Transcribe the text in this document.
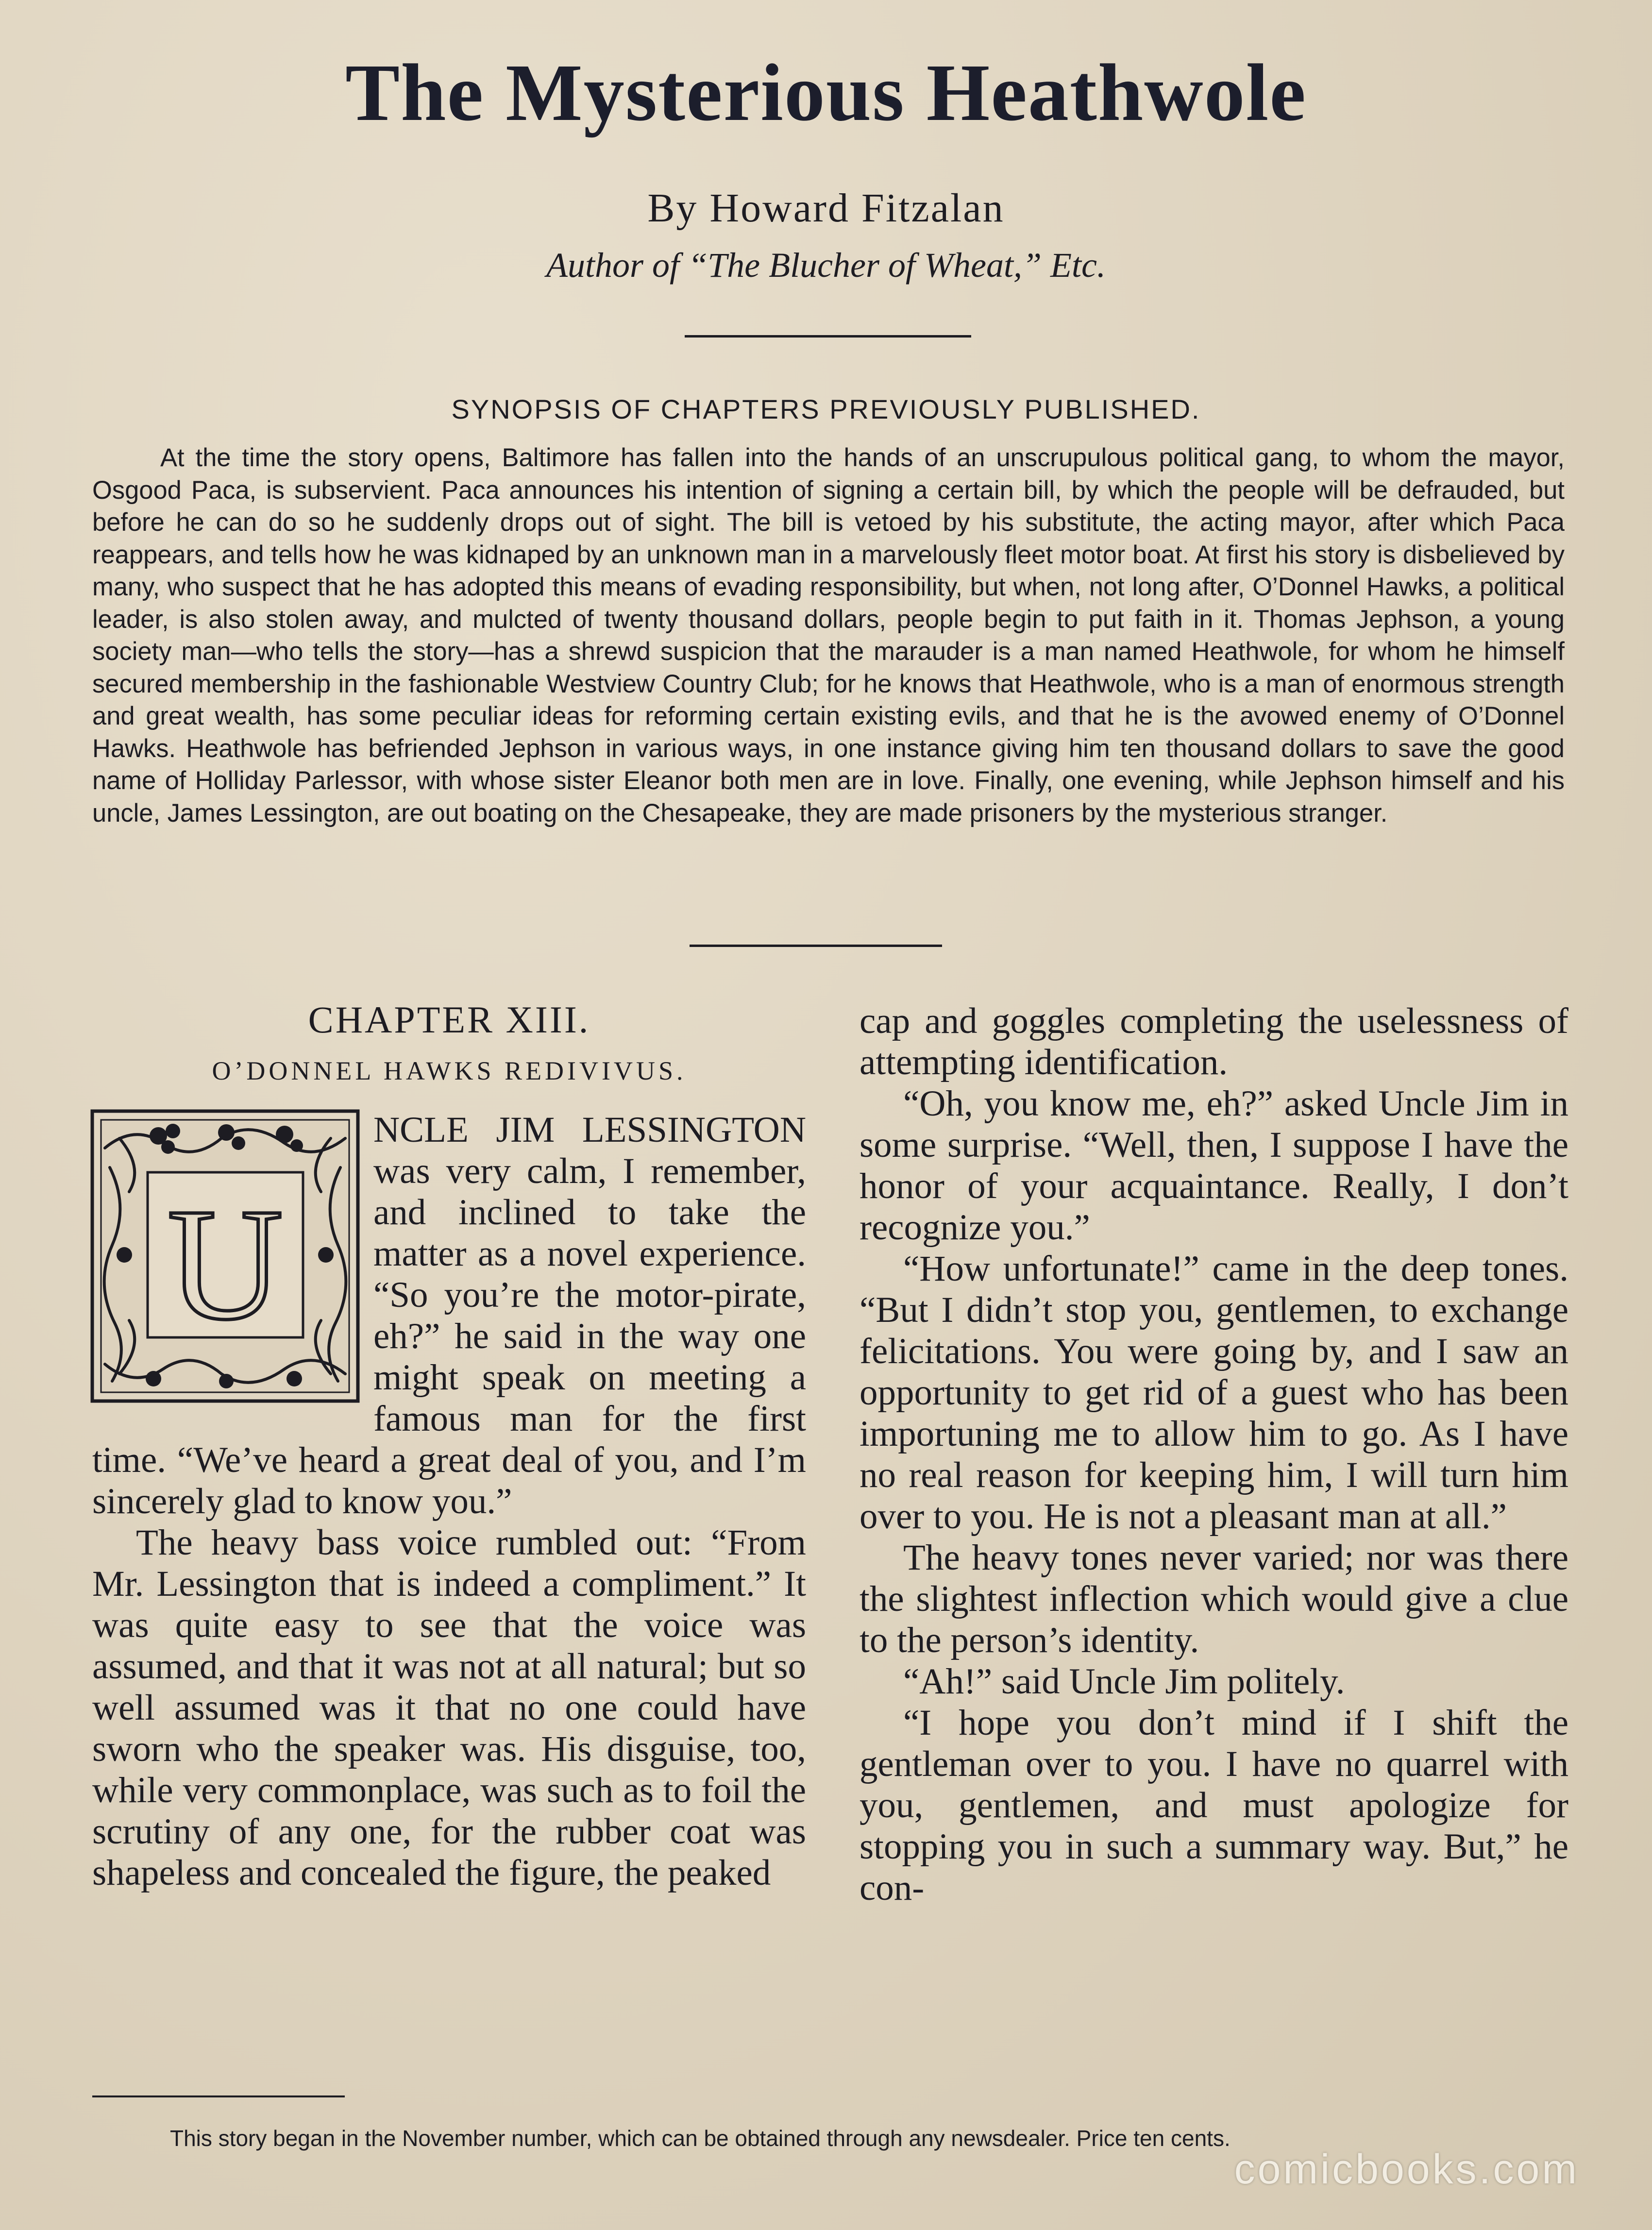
The Mysterious Heathwole
By Howard Fitzalan
Author of “The Blucher of Wheat,” Etc.
SYNOPSIS OF CHAPTERS PREVIOUSLY PUBLISHED.
At the time the story opens, Baltimore has fallen into the hands of an unscrupulous political gang, to whom the mayor, Osgood Paca, is subservient. Paca announces his intention of signing a certain bill, by which the people will be defrauded, but before he can do so he suddenly drops out of sight. The bill is vetoed by his substitute, the acting mayor, after which Paca reappears, and tells how he was kidnaped by an unknown man in a marvelously fleet motor boat. At first his story is disbelieved by many, who suspect that he has adopted this means of evading responsibility, but when, not long after, O’Donnel Hawks, a political leader, is also stolen away, and mulcted of twenty thousand dollars, people begin to put faith in it. Thomas Jephson, a young society man—who tells the story—has a shrewd suspicion that the marauder is a man named Heathwole, for whom he himself secured membership in the fashionable Westview Country Club; for he knows that Heathwole, who is a man of enormous strength and great wealth, has some peculiar ideas for reforming certain existing evils, and that he is the avowed enemy of O’Donnel Hawks. Heathwole has befriended Jephson in various ways, in one instance giving him ten thousand dollars to save the good name of Holliday Parlessor, with whose sister Eleanor both men are in love. Finally, one evening, while Jephson himself and his uncle, James Lessington, are out boating on the Chesapeake, they are made prisoners by the mysterious stranger.
CHAPTER XIII.
O’DONNEL HAWKS REDIVIVUS.
U

NCLE JIM LESSINGTON was very calm, I remember, and inclined to take the matter as a novel experience. “So you’re the motor-pirate, eh?” he said in the way one might speak on meeting a famous man for the first time. “We’ve heard a great deal of you, and I’m sincerely glad to know you.”

The heavy bass voice rumbled out: “From Mr. Lessington that is indeed a compliment.” It was quite easy to see that the voice was assumed, and that it was not at all natural; but so well assumed was it that no one could have sworn who the speaker was. His disguise, too, while very commonplace, was such as to foil the scrutiny of any one, for the rubber coat was shapeless and concealed the figure, the peaked

cap and goggles completing the uselessness of attempting identification.

“Oh, you know me, eh?” asked Uncle Jim in some surprise. “Well, then, I suppose I have the honor of your acquaintance. Really, I don’t recognize you.”

“How unfortunate!” came in the deep tones. “But I didn’t stop you, gentlemen, to exchange felicitations. You were going by, and I saw an opportunity to get rid of a guest who has been importuning me to allow him to go. As I have no real reason for keeping him, I will turn him over to you. He is not a pleasant man at all.”

The heavy tones never varied; nor was there the slightest inflection which would give a clue to the person’s identity.

“Ah!” said Uncle Jim politely.

“I hope you don’t mind if I shift the gentleman over to you. I have no quarrel with you, gentlemen, and must apologize for stopping you in such a summary way. But,” he con-

This story began in the November number, which can be obtained through any newsdealer. Price ten cents.
comicbooks.com
